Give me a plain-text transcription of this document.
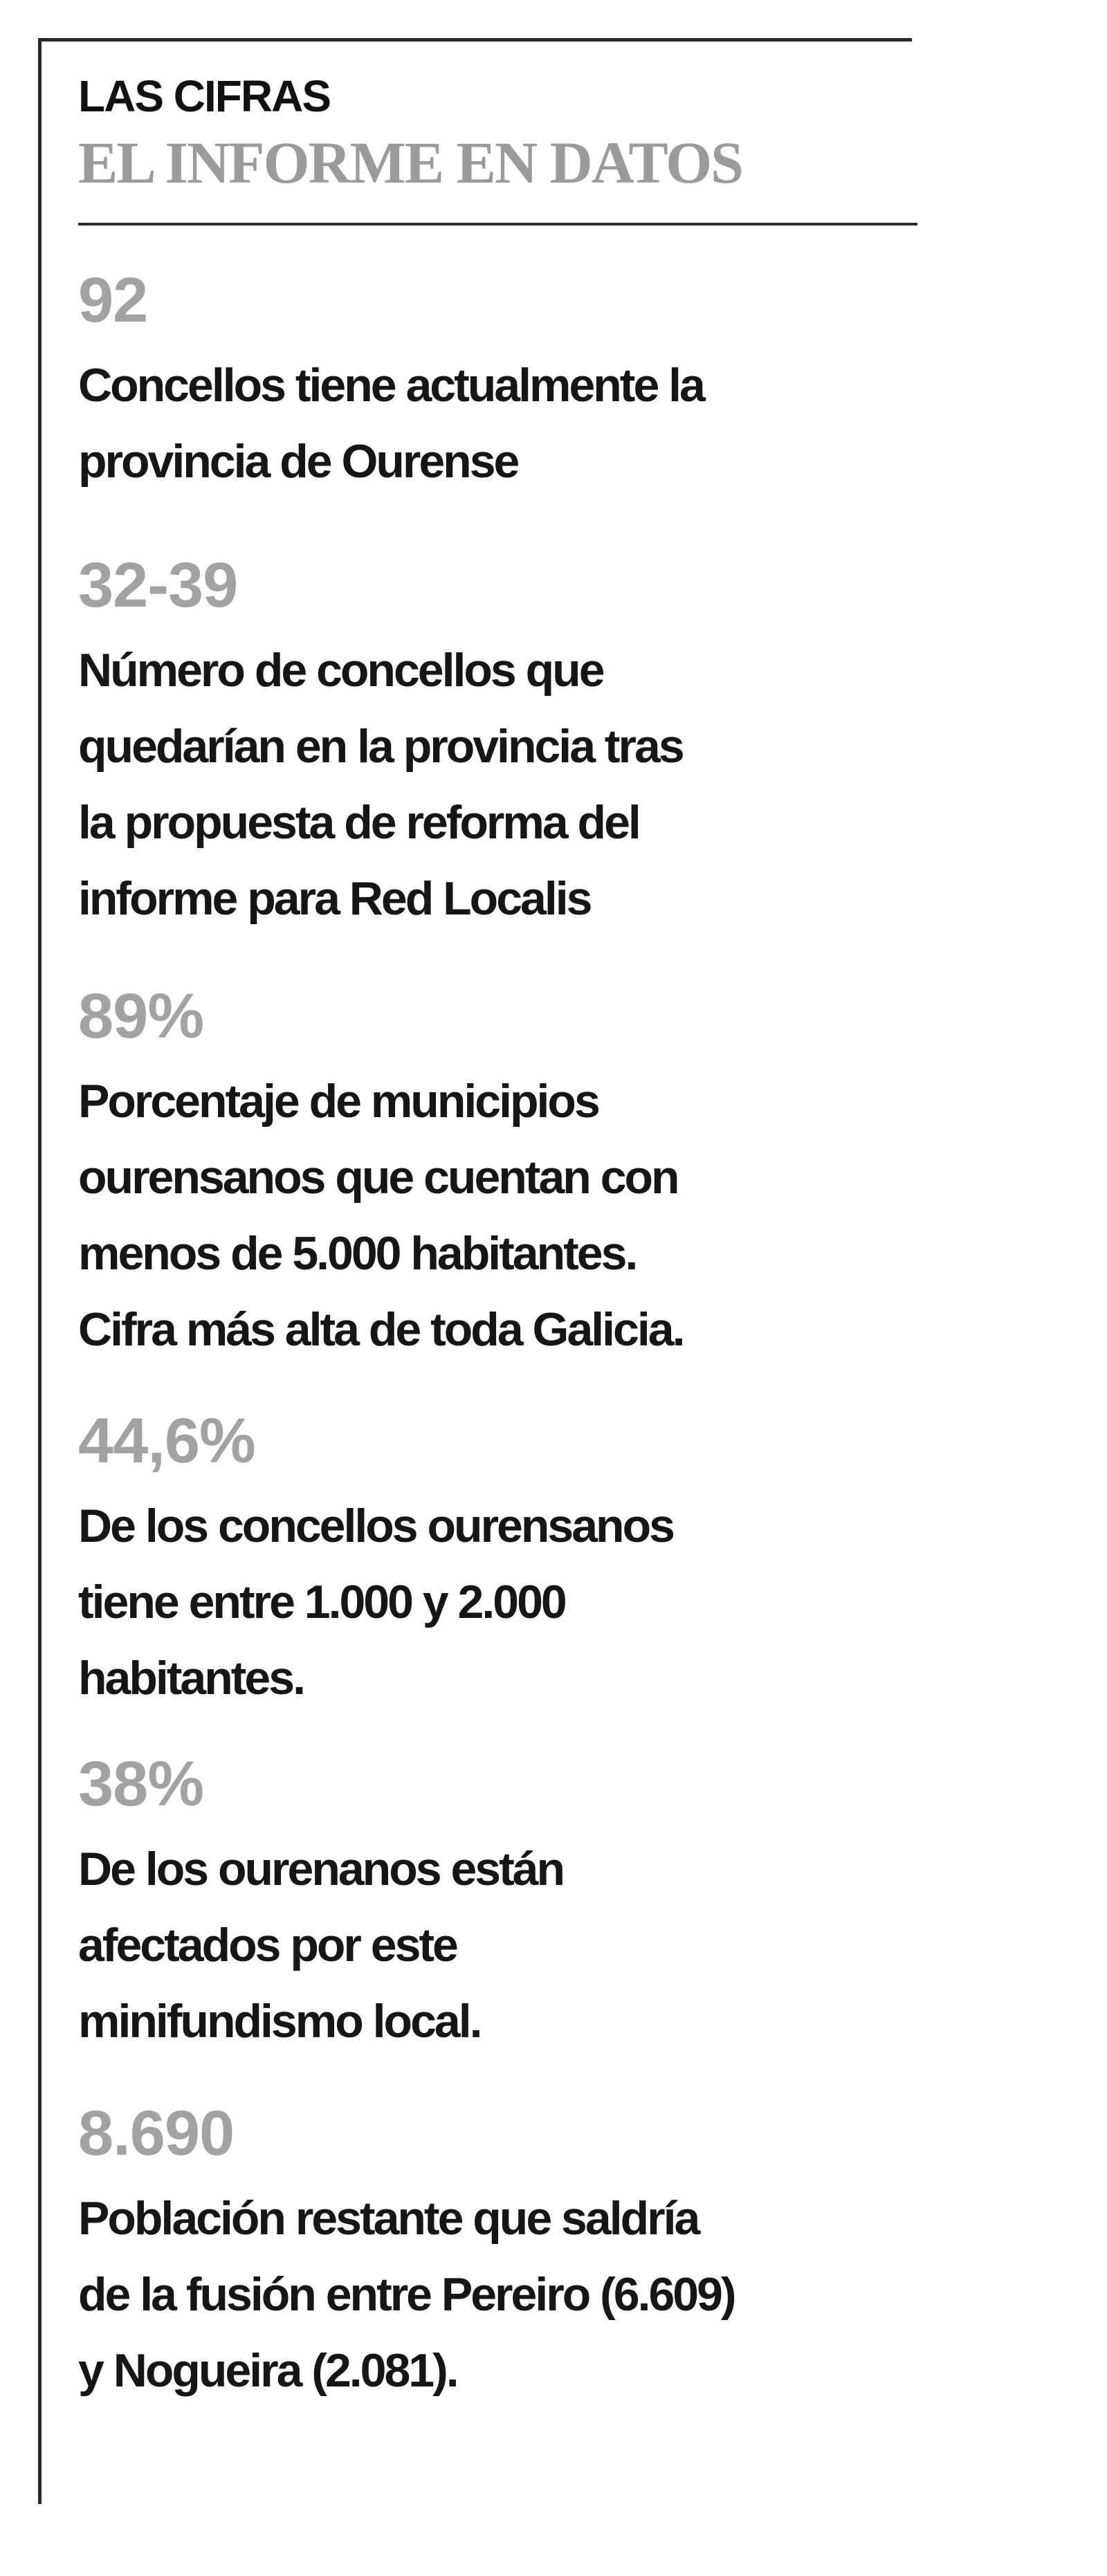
LAS CIFRAS
EL INFORME EN DATOS
92

Concellos tiene actualmente la
provincia de Ourense

32-39

Número de concellos que
quedarían en la provincia tras
la propuesta de reforma del
informe para Red Localis

89%

Porcentaje de municipios
ourensanos que cuentan con
menos de 5.000 habitantes.
Cifra más alta de toda Galicia.

44,6%

De los concellos ourensanos
tiene entre 1.000 y 2.000
habitantes.

38%

De los ourenanos están
afectados por este
minifundismo local.

8.690

Población restante que saldría
de la fusión entre Pereiro (6.609)
y Nogueira (2.081).
